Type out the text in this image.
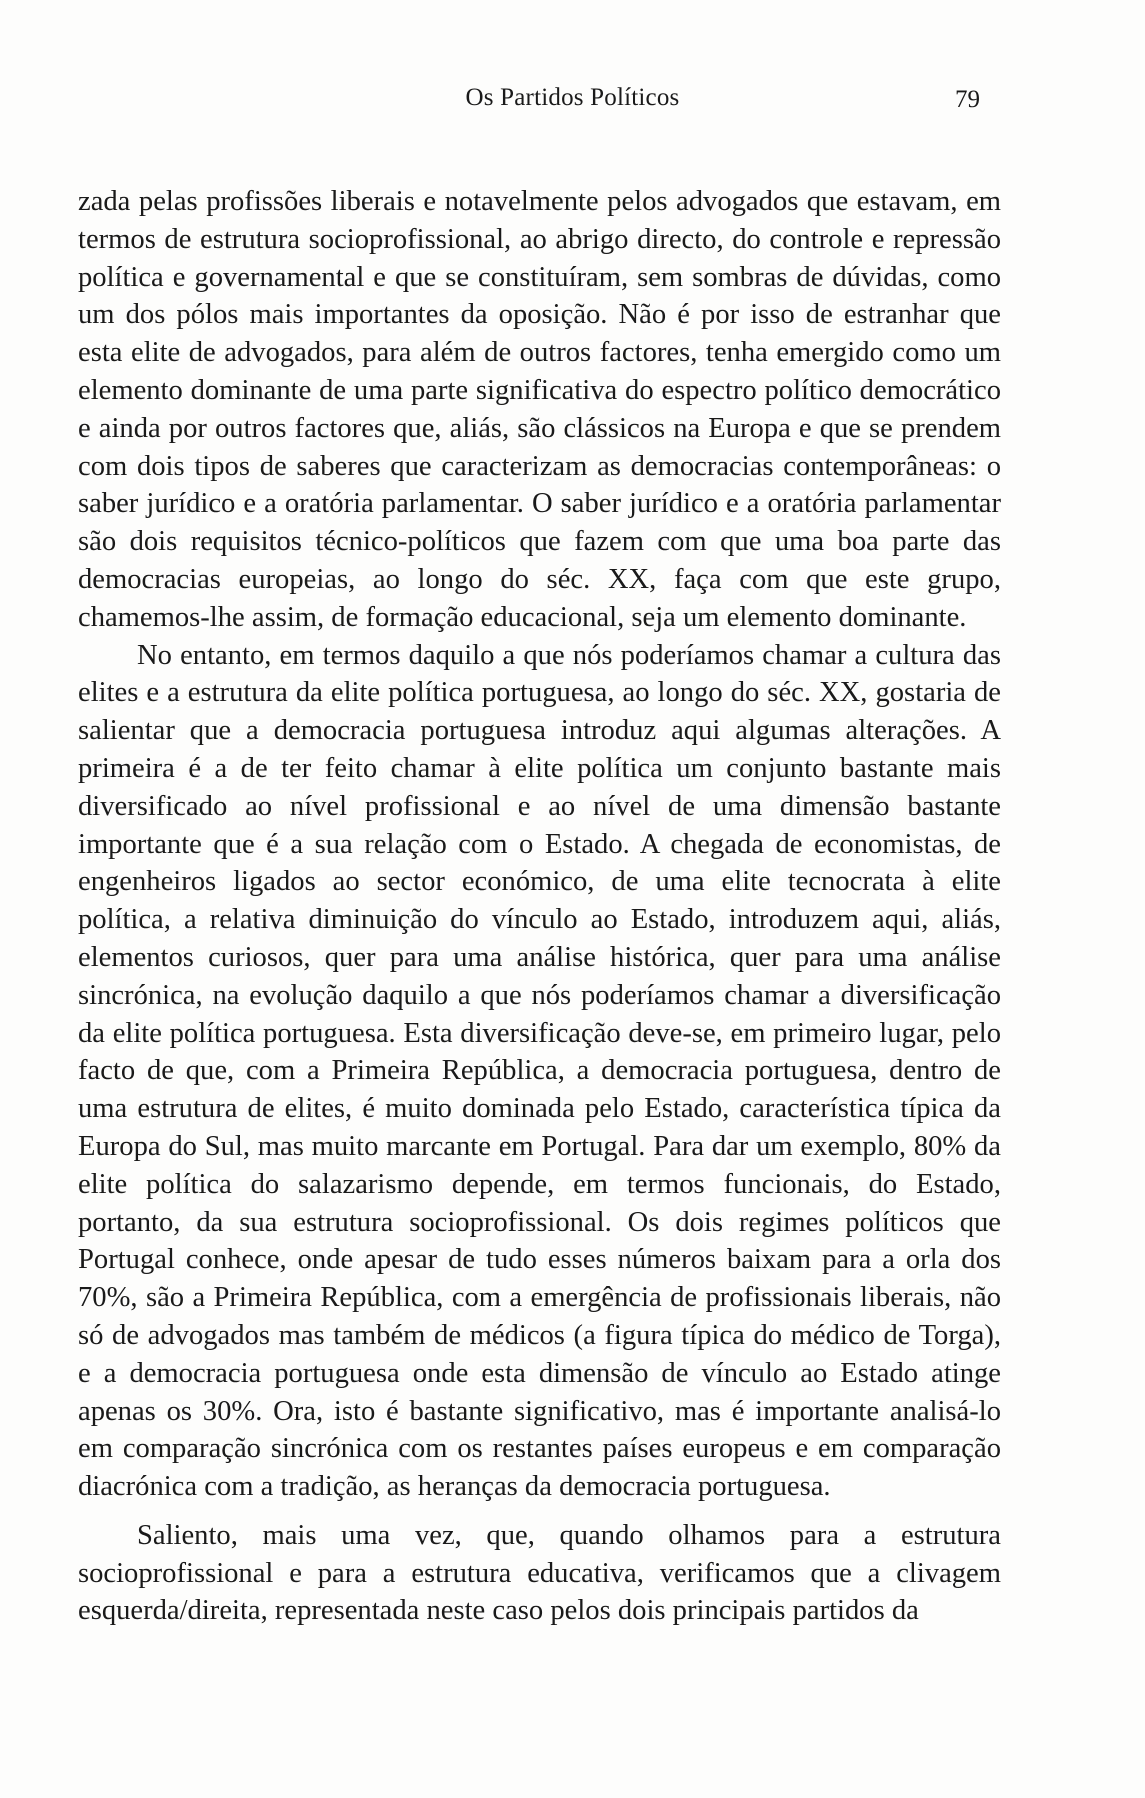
Os Partidos Políticos	79

zada pelas profissões liberais e notavelmente pelos advogados que estavam, em termos de estrutura socioprofissional, ao abrigo directo, do controle e repressão política e governamental e que se constituíram, sem sombras de dúvidas, como um dos pólos mais importantes da oposição. Não é por isso de estranhar que esta elite de advogados, para além de outros factores, tenha emergido como um elemento dominante de uma parte significativa do espectro político democrático e ainda por outros factores que, aliás, são clássicos na Europa e que se prendem com dois tipos de saberes que caracterizam as democracias contemporâneas: o saber jurídico e a oratória parlamentar. O saber jurídico e a oratória parlamentar são dois requisitos técnico-políticos que fazem com que uma boa parte das democracias europeias, ao longo do séc. XX, faça com que este grupo, chamemos-lhe assim, de formação educacional, seja um elemento dominante.

No entanto, em termos daquilo a que nós poderíamos chamar a cultura das elites e a estrutura da elite política portuguesa, ao longo do séc. XX, gostaria de salientar que a democracia portuguesa introduz aqui algumas alterações. A primeira é a de ter feito chamar à elite política um conjunto bastante mais diversificado ao nível profissional e ao nível de uma dimensão bastante importante que é a sua relação com o Estado. A chegada de economistas, de engenheiros ligados ao sector económico, de uma elite tecnocrata à elite política, a relativa diminuição do vínculo ao Estado, introduzem aqui, aliás, elementos curiosos, quer para uma análise histórica, quer para uma análise sincrónica, na evolução daquilo a que nós poderíamos chamar a diversificação da elite política portuguesa. Esta diversificação deve-se, em primeiro lugar, pelo facto de que, com a Primeira República, a democracia portuguesa, dentro de uma estrutura de elites, é muito dominada pelo Estado, característica típica da Europa do Sul, mas muito marcante em Portugal. Para dar um exemplo, 80% da elite política do salazarismo depende, em termos funcionais, do Estado, portanto, da sua estrutura socioprofissional. Os dois regimes políticos que Portugal conhece, onde apesar de tudo esses números baixam para a orla dos 70%, são a Primeira República, com a emergência de profissionais liberais, não só de advogados mas também de médicos (a figura típica do médico de Torga), e a democracia portuguesa onde esta dimensão de vínculo ao Estado atinge apenas os 30%. Ora, isto é bastante significativo, mas é importante analisá-lo em comparação sincrónica com os restantes países europeus e em comparação diacrónica com a tradição, as heranças da democracia portuguesa.

Saliento, mais uma vez, que, quando olhamos para a estrutura socioprofissional e para a estrutura educativa, verificamos que a clivagem esquerda/direita, representada neste caso pelos dois principais partidos da
